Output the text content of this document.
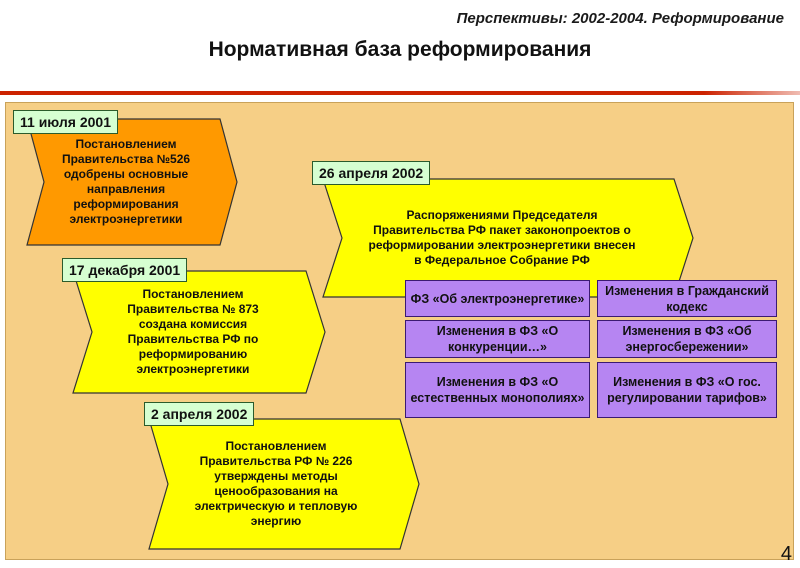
Перспективы: 2002-2004. Реформирование
Нормативная база реформирования
Постановлением Правительства №526 одобрены основные направления реформирования электроэнергетики
11 июля 2001
Распоряжениями Председателя Правительства РФ пакет законопроектов о реформировании электроэнергетики внесен в Федеральное Собрание РФ
26 апреля 2002
Постановлением Правительства № 873 создана комиссия Правительства РФ по реформированию электроэнергетики
17 декабря 2001
Постановлением Правительства РФ № 226 утверждены методы ценообразования на электрическую и тепловую энергию
2 апреля 2002
ФЗ «Об электроэнергетике»
Изменения в Гражданский кодекс
Изменения в ФЗ «О конкуренции…»
Изменения в ФЗ «Об энергосбережении»
Изменения в ФЗ «О естественных монополиях»
Изменения в ФЗ «О гос. регулировании тарифов»
4
